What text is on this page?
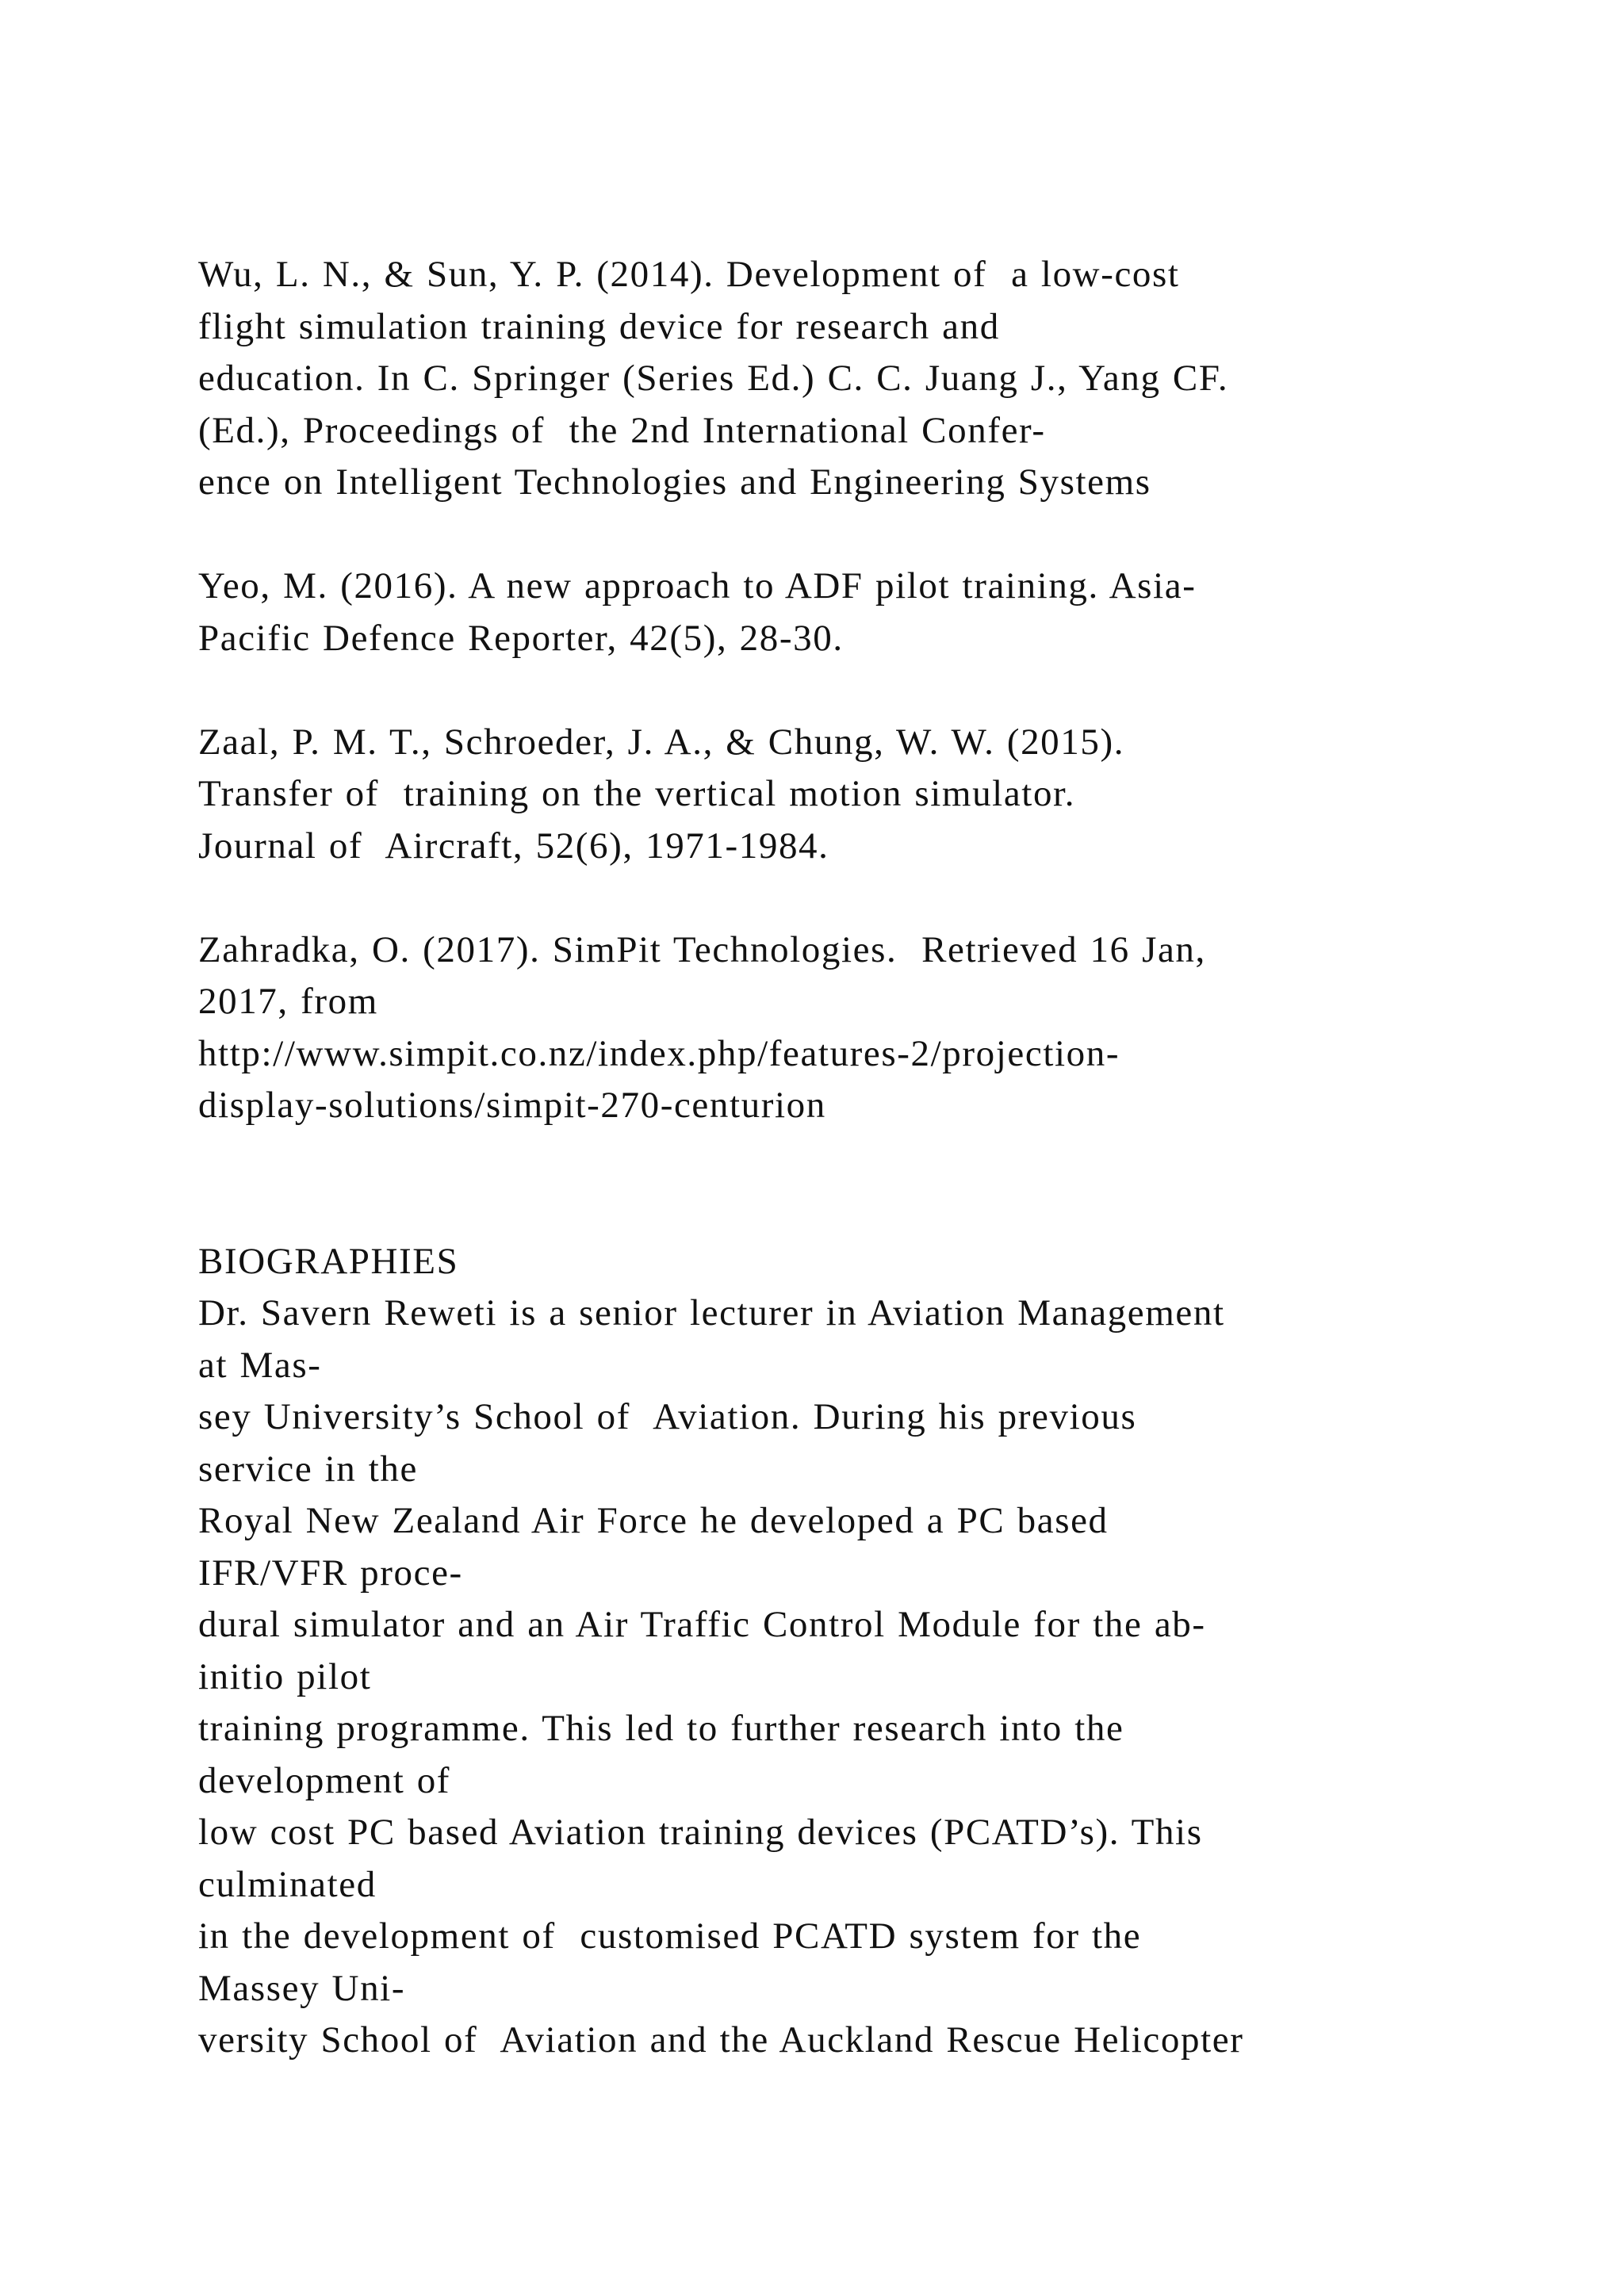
Wu, L. N., & Sun, Y. P. (2014). Development of  a low-cost
flight simulation training device for research and
education. In C. Springer (Series Ed.) C. C. Juang J., Yang CF.
(Ed.), Proceedings of  the 2nd International Confer-
ence on Intelligent Technologies and Engineering Systems
Yeo, M. (2016). A new approach to ADF pilot training. Asia-
Pacific Defence Reporter, 42(5), 28-30.
Zaal, P. M. T., Schroeder, J. A., & Chung, W. W. (2015).
Transfer of  training on the vertical motion simulator.
Journal of  Aircraft, 52(6), 1971-1984.
Zahradka, O. (2017). SimPit Technologies.  Retrieved 16 Jan,
2017, from
http://www.simpit.co.nz/index.php/features-2/projection-
display-solutions/simpit-270-centurion
BIOGRAPHIES
Dr. Savern Reweti is a senior lecturer in Aviation Management
at Mas-
sey University’s School of  Aviation. During his previous
service in the
Royal New Zealand Air Force he developed a PC based
IFR/VFR proce-
dural simulator and an Air Traffic Control Module for the ab-
initio pilot
training programme. This led to further research into the
development of
low cost PC based Aviation training devices (PCATD’s). This
culminated
in the development of  customised PCATD system for the
Massey Uni-
versity School of  Aviation and the Auckland Rescue Helicopter
